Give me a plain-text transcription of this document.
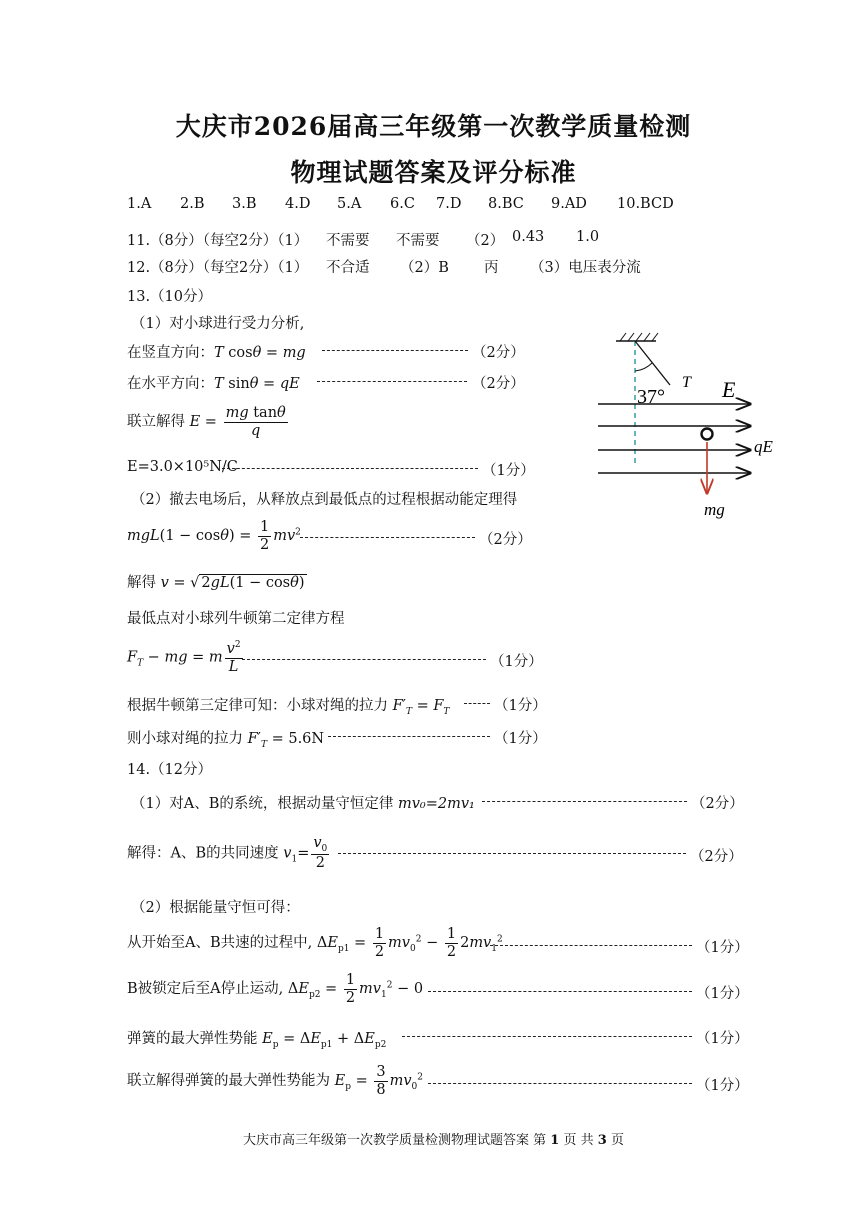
大庆市2026届高三年级第一次教学质量检测
物理试题答案及评分标准
1.A 2.B 3.B 4.D 5.A 6.C 7.D 8.BC 9.AD 10.BCD
11.（8分）（每空2分）（1） 不需要 不需要 （2） 0.43 1.0
12.（8分）（每空2分）（1） 不合适 （2）B 丙 （3）电压表分流
13.（10分）
（1）对小球进行受力分析,
在竖直方向：T cosθ = mg	（2分）
在水平方向：T sinθ = qE	（2分）
联立解得 $E = \frac{\text{mg tanθ}}{q}$
E=3.0×10⁵N/C	（1分）
（2）撤去电场后，从释放点到最低点的过程根据动能定理得
$mgL(1 - \cos\theta) = \frac{1}{2} mv^2$	（2分）
解得 v = √ 2gL(1 − cosθ)
最低点对小球列牛顿第二定律方程
$F_T$ − mg = m $\frac{v^2}{L}$	（1分）
根据牛顿第三定律可知：小球对绳的拉力 $F'_T = F_T$	（1分）
则小球对绳的拉力 $F'_T = 5.6N$	（1分）
37°
T E
qE
mg
14.（12分）
（1）对A、B的系统，根据动量守恒定律 mv₀=2mv₁	（2分）
解得：A、B的共同速度 $v_1= \frac{v_0}{2}$	（2分）
（2）根据能量守恒可得：
从开始至A、B共速的过程中, $\Delta E_{p1} = \frac{1}{2} mv_0^2 - \frac{1}{2} 2mv_1^2$
（1分）
B被锁定后至A停止运动, $\Delta E_{p2} = \frac{1}{2} mv_1^2 - 0$	（1分）
弹簧的最大弹性势能 $E_p = \Delta E_{p1} + \Delta E_{p2}$	（1分）
联立解得弹簧的最大弹性势能为 $E_p = \frac{3}{8} mv_0^2$
（1分）
大庆市高三年级第一次教学质量检测物理试题答案 第 1 页 共 3 页
